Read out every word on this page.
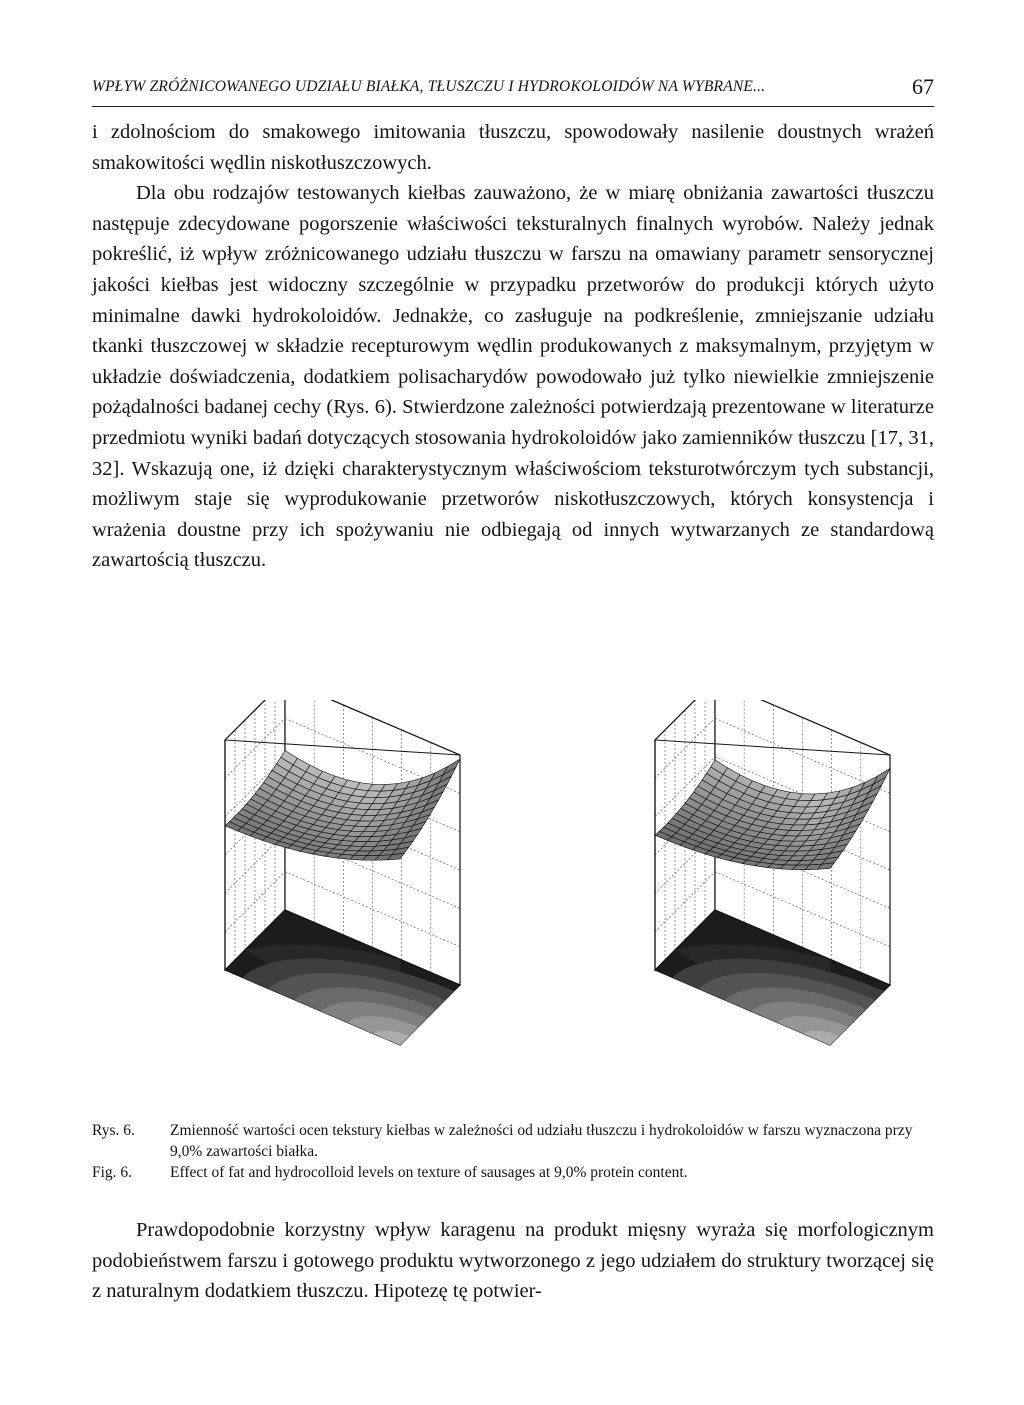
WPŁYW ZRÓŻNICOWANEGO UDZIAŁU BIAŁKA, TŁUSZCZU I HYDROKOLOIDÓW NA WYBRANE...	67

i zdolnościom do smakowego imitowania tłuszczu, spowodowały nasilenie doustnych wrażeń smakowitości wędlin niskotłuszczowych.

Dla obu rodzajów testowanych kiełbas zauważono, że w miarę obniżania zawartości tłuszczu następuje zdecydowane pogorszenie właściwości teksturalnych finalnych wyrobów. Należy jednak pokreślić, iż wpływ zróżnicowanego udziału tłuszczu w farszu na omawiany parametr sensorycznej jakości kiełbas jest widoczny szczególnie w przypadku przetworów do produkcji których użyto minimalne dawki hydrokoloidów. Jednakże, co zasługuje na podkreślenie, zmniejszanie udziału tkanki tłuszczowej w składzie recepturowym wędlin produkowanych z maksymalnym, przyjętym w układzie doświadczenia, dodatkiem polisacharydów powodowało już tylko niewielkie zmniejszenie pożądalności badanej cechy (Rys. 6). Stwierdzone zależności potwierdzają prezentowane w literaturze przedmiotu wyniki badań dotyczących stosowania hydrokoloidów jako zamienników tłuszczu [17, 31, 32]. Wskazują one, iż dzięki charakterystycznym właściwościom teksturotwórczym tych substancji, możliwym staje się wyprodukowanie przetworów niskotłuszczowych, których konsystencja i wrażenia doustne przy ich spożywaniu nie odbiegają od innych wytwarzanych ze standardową zawartością tłuszczu.

Rys. 6. Zmienność wartości ocen tekstury kiełbas w zależności od udziału tłuszczu i hydrokoloidów w farszu wyznaczona przy 9,0% zawartości białka.
Fig. 6. Effect of fat and hydrocolloid levels on texture of sausages at 9,0% protein content.

Prawdopodobnie korzystny wpływ karagenu na produkt mięsny wyraża się morfologicznym podobieństwem farszu i gotowego produktu wytworzonego z jego udziałem do struktury tworzącej się z naturalnym dodatkiem tłuszczu. Hipotezę tę potwier-
